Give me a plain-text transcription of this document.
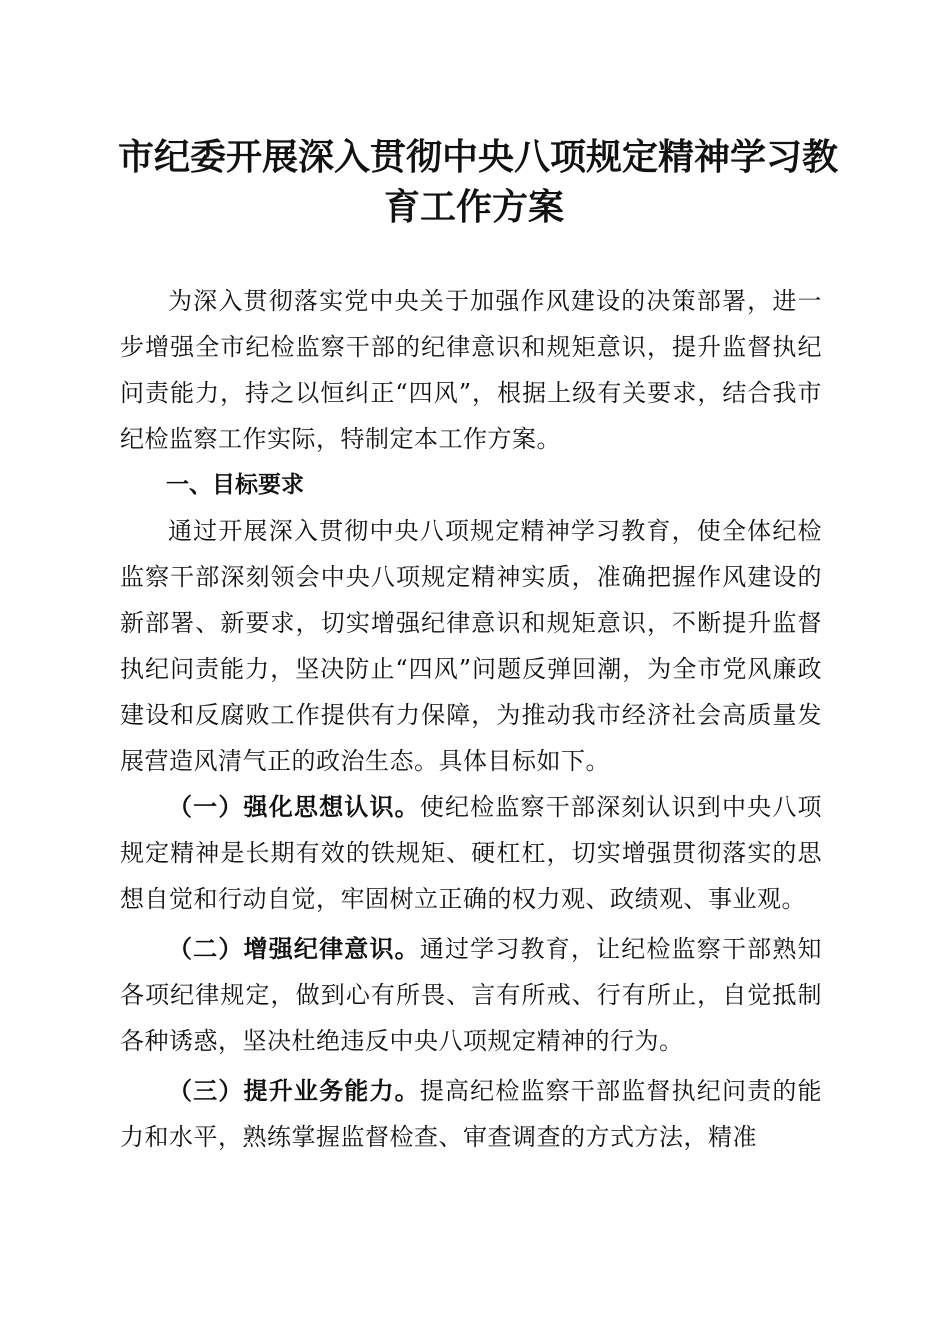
市纪委开展深入贯彻中央八项规定精神学习教
育工作方案

为深入贯彻落实党中央关于加强作风建设的决策部署，进一步增强全市纪检监察干部的纪律意识和规矩意识，提升监督执纪问责能力，持之以恒纠正“四风”，根据上级有关要求，结合我市纪检监察工作实际，特制定本工作方案。

一、目标要求

通过开展深入贯彻中央八项规定精神学习教育，使全体纪检监察干部深刻领会中央八项规定精神实质，准确把握作风建设的新部署、新要求，切实增强纪律意识和规矩意识，不断提升监督执纪问责能力，坚决防止“四风”问题反弹回潮，为全市党风廉政建设和反腐败工作提供有力保障，为推动我市经济社会高质量发展营造风清气正的政治生态。具体目标如下。

（一）强化思想认识。使纪检监察干部深刻认识到中央八项规定精神是长期有效的铁规矩、硬杠杠，切实增强贯彻落实的思想自觉和行动自觉，牢固树立正确的权力观、政绩观、事业观。

（二）增强纪律意识。通过学习教育，让纪检监察干部熟知各项纪律规定，做到心有所畏、言有所戒、行有所止，自觉抵制各种诱惑，坚决杜绝违反中央八项规定精神的行为。

（三）提升业务能力。提高纪检监察干部监督执纪问责的能力和水平，熟练掌握监督检查、审查调查的方式方法，精准
